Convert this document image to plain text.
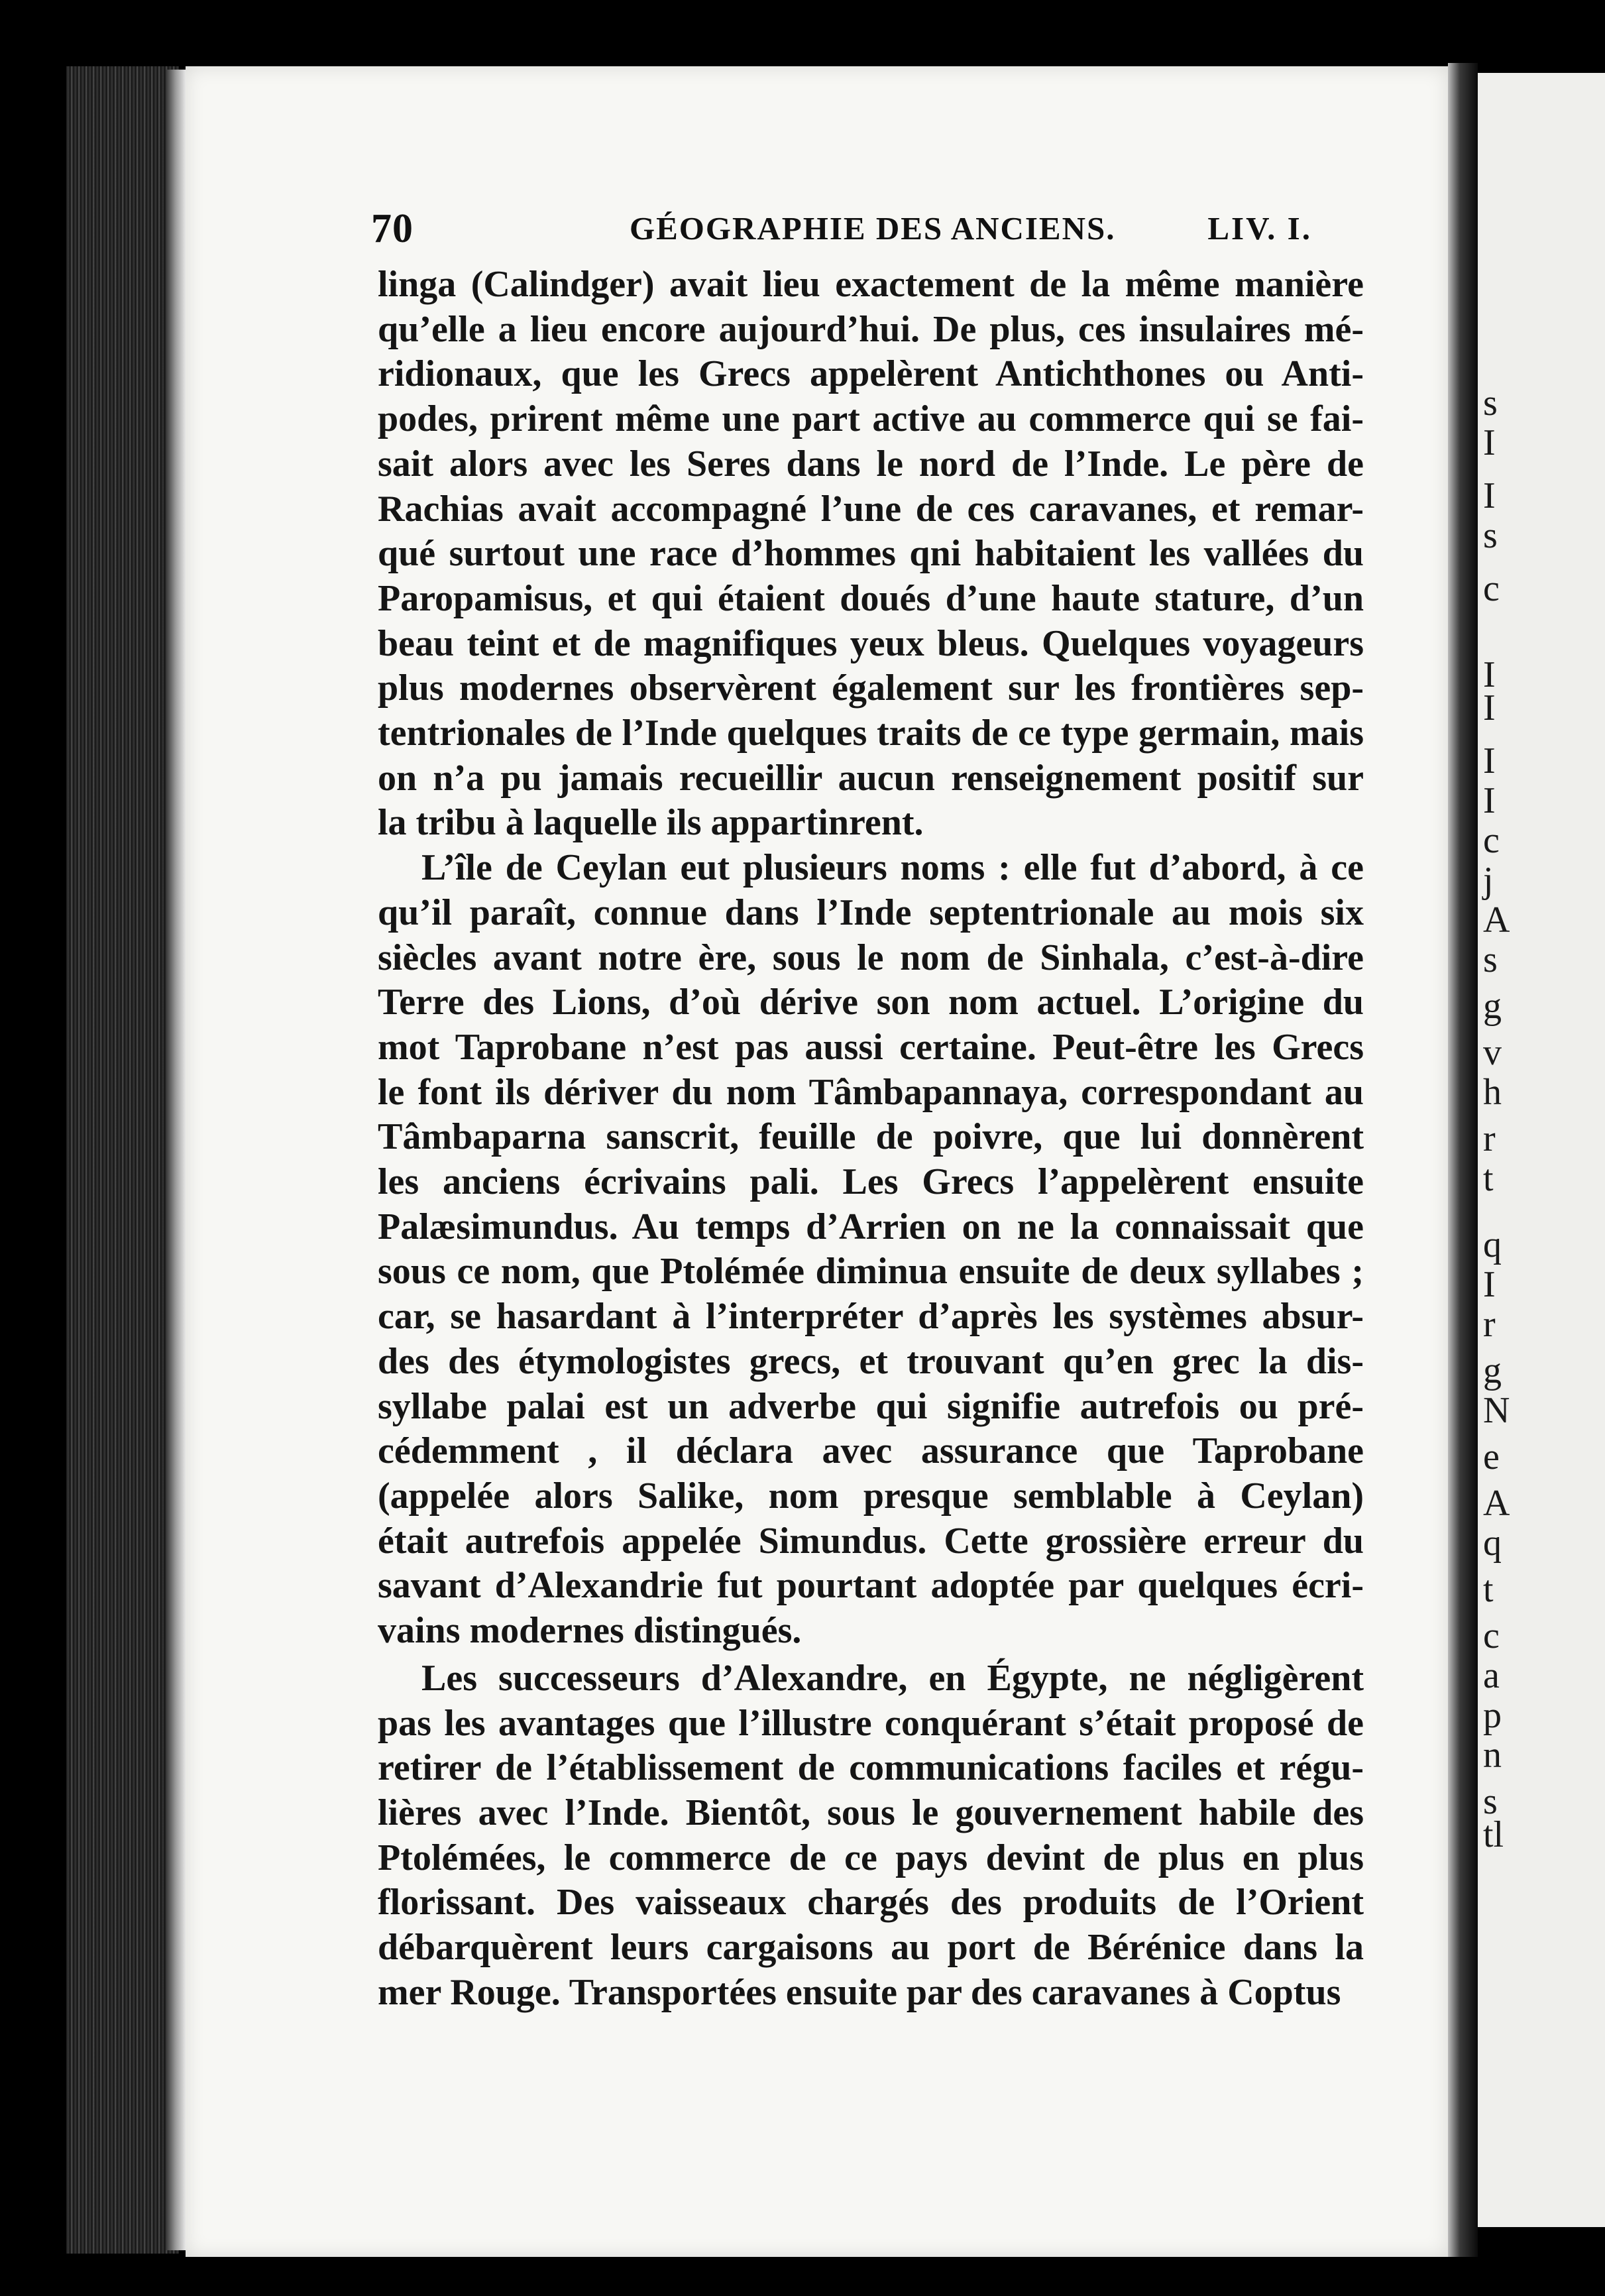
s
I
I
s
c
I
I
I
I
c
j
A
s
g
v
h
r
t
q
I
r
g
N
e
A
q
t
c
a
p
n
s
tl
70	GÉOGRAPHIE DES ANCIENS.	LIV. I.

linga (Calindger) avait lieu exactement de la même manière
qu’elle a lieu encore aujourd’hui. De plus, ces insulaires mé-
ridionaux, que les Grecs appelèrent Antichthones ou Anti-
podes, prirent même une part active au commerce qui se fai-
sait alors avec les Seres dans le nord de l’Inde. Le père de
Rachias avait accompagné l’une de ces caravanes, et remar-
qué surtout une race d’hommes qni habitaient les vallées du
Paropamisus, et qui étaient doués d’une haute stature, d’un
beau teint et de magnifiques yeux bleus. Quelques voyageurs
plus modernes observèrent également sur les frontières sep-
tentrionales de l’Inde quelques traits de ce type germain, mais
on n’a pu jamais recueillir aucun renseignement positif sur
la tribu à laquelle ils appartinrent.

L’île de Ceylan eut plusieurs noms : elle fut d’abord, à ce
qu’il paraît, connue dans l’Inde septentrionale au mois six
siècles avant notre ère, sous le nom de Sinhala, c’est-à-dire
Terre des Lions, d’où dérive son nom actuel. L’origine du
mot Taprobane n’est pas aussi certaine. Peut-être les Grecs
le font ils dériver du nom Tâmbapannaya, correspondant au
Tâmbaparna sanscrit, feuille de poivre, que lui donnèrent
les anciens écrivains pali. Les Grecs l’appelèrent ensuite
Palæsimundus. Au temps d’Arrien on ne la connaissait que
sous ce nom, que Ptolémée diminua ensuite de deux syllabes ;
car, se hasardant à l’interpréter d’après les systèmes absur-
des des étymologistes grecs, et trouvant qu’en grec la dis-
syllabe palai est un adverbe qui signifie autrefois ou pré-
cédemment , il déclara avec assurance que Taprobane
(appelée alors Salike, nom presque semblable à Ceylan)
était autrefois appelée Simundus. Cette grossière erreur du
savant d’Alexandrie fut pourtant adoptée par quelques écri-
vains modernes distingués.

Les successeurs d’Alexandre, en Égypte, ne négligèrent
pas les avantages que l’illustre conquérant s’était proposé de
retirer de l’établissement de communications faciles et régu-
lières avec l’Inde. Bientôt, sous le gouvernement habile des
Ptolémées, le commerce de ce pays devint de plus en plus
florissant. Des vaisseaux chargés des produits de l’Orient
débarquèrent leurs cargaisons au port de Bérénice dans la
mer Rouge. Transportées ensuite par des caravanes à Coptus
